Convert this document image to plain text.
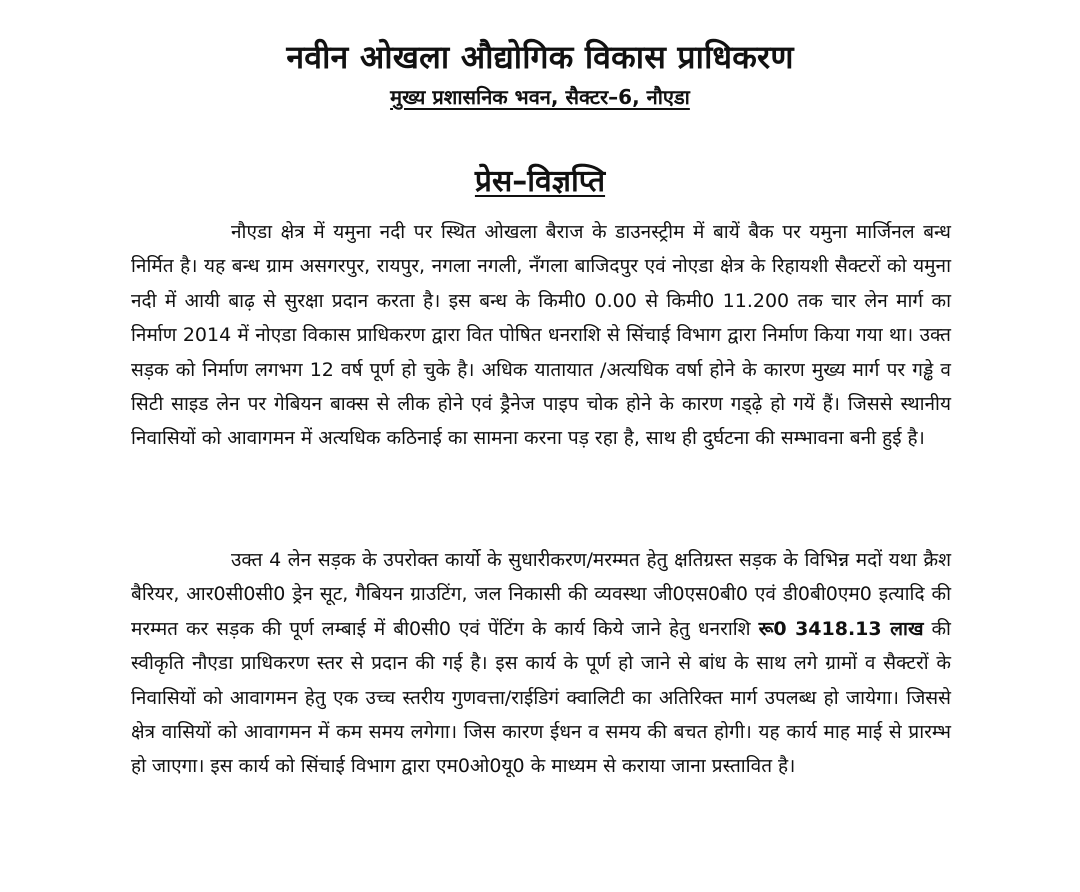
नवीन ओखला औद्योगिक विकास प्राधिकरण
मुख्य प्रशासनिक भवन, सैक्टर–6, नौएडा
प्रेस–विज्ञप्ति

नौएडा क्षेत्र में यमुना नदी पर स्थित ओखला बैराज के डाउनस्ट्रीम में बायें बैक पर यमुना मार्जिनल बन्ध निर्मित है। यह बन्ध ग्राम असगरपुर, रायपुर, नगला नगली, नँगला बाजिदपुर एवं नोएडा क्षेत्र के रिहायशी सैक्टरों को यमुना नदी में आयी बाढ़ से सुरक्षा प्रदान करता है। इस बन्ध के किमी0 0.00 से किमी0 11.200 तक चार लेन मार्ग का निर्माण 2014 में नोएडा विकास प्राधिकरण द्वारा वित पोषित धनराशि से सिंचाई विभाग द्वारा निर्माण किया गया था। उक्त सड़क को निर्माण लगभग 12 वर्ष पूर्ण हो चुके है। अधिक यातायात /अत्यधिक वर्षा होने के कारण मुख्य मार्ग पर गड्ढे व सिटी साइड लेन पर गेबियन बाक्स से लीक होने एवं ड्रैनेज पाइप चोक होने के कारण गड्ढ़े हो गयें हैं। जिससे स्थानीय निवासियों को आवागमन में अत्यधिक कठिनाई का सामना करना पड़ रहा है, साथ ही दुर्घटना की सम्भावना बनी हुई है।

उक्त 4 लेन सड़क के उपरोक्त कार्यो के सुधारीकरण/मरम्मत हेतु क्षतिग्रस्त सड़क के विभिन्न मदों यथा क्रैश बैरियर, आर0सी0सी0 ड्रेन सूट, गैबियन ग्राउटिंग, जल निकासी की व्यवस्था जी0एस0बी0 एवं डी0बी0एम0 इत्यादि की मरम्मत कर सड़क की पूर्ण लम्बाई में बी0सी0 एवं पेंटिंग के कार्य किये जाने हेतु धनराशि रू0 3418.13 लाख की स्वीकृति नौएडा प्राधिकरण स्तर से प्रदान की गई है। इस कार्य के पूर्ण हो जाने से बांध के साथ लगे ग्रामों व सैक्टरों के निवासियों को आवागमन हेतु एक उच्च स्तरीय गुणवत्ता/राईडिगं क्वालिटी का अतिरिक्त मार्ग उपलब्ध हो जायेगा। जिससे क्षेत्र वासियों को आवागमन में कम समय लगेगा। जिस कारण ईधन व समय की बचत होगी। यह कार्य माह माई से प्रारम्भ हो जाएगा। इस कार्य को सिंचाई विभाग द्वारा एम0ओ0यू0 के माध्यम से कराया जाना प्रस्तावित है।
